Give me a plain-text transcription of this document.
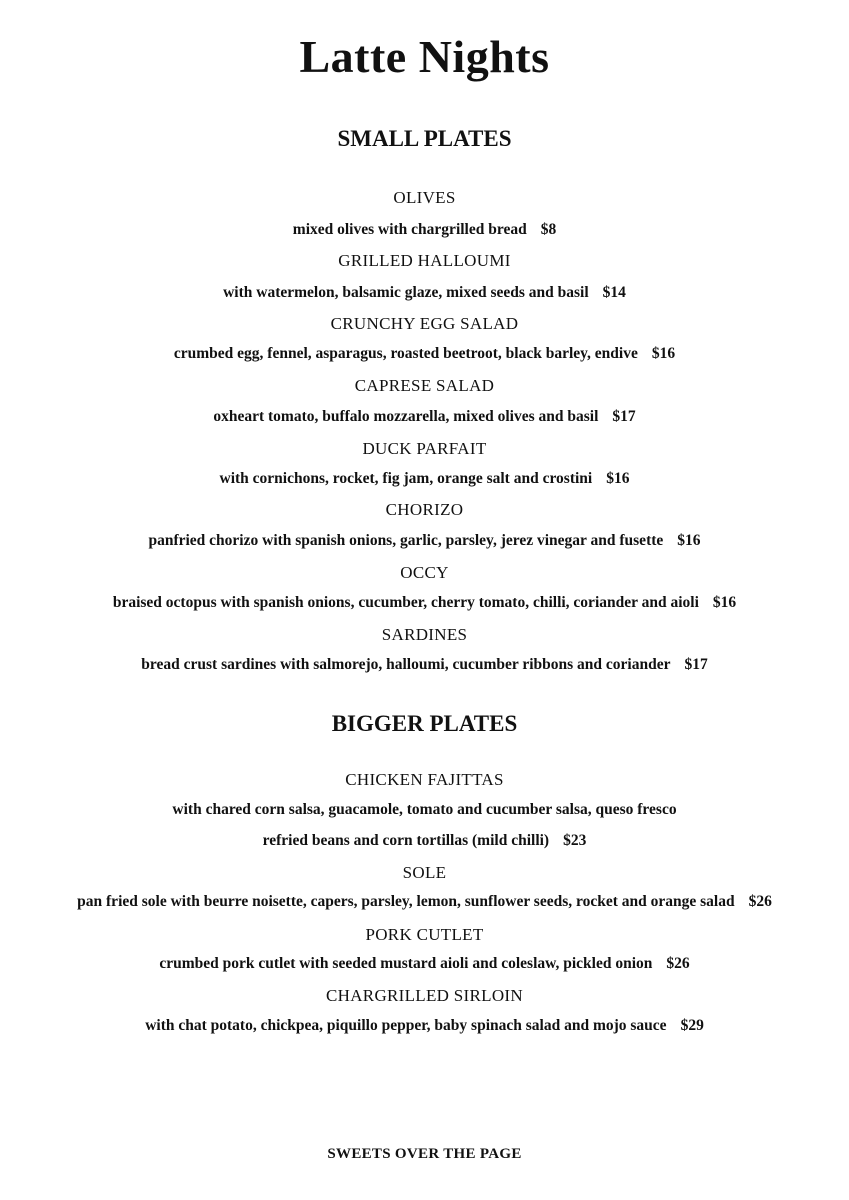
Latte Nights
SMALL PLATES
OLIVES
mixed olives with chargrilled bread $8
GRILLED HALLOUMI
with watermelon, balsamic glaze, mixed seeds and basil $14
CRUNCHY EGG SALAD
crumbed egg, fennel, asparagus, roasted beetroot, black barley, endive $16
CAPRESE SALAD
oxheart tomato, buffalo mozzarella, mixed olives and basil $17
DUCK PARFAIT
with cornichons, rocket, fig jam, orange salt and crostini $16
CHORIZO
panfried chorizo with spanish onions, garlic, parsley, jerez vinegar and fusette $16
OCCY
braised octopus with spanish onions, cucumber, cherry tomato, chilli, coriander and aioli $16
SARDINES
bread crust sardines with salmorejo, halloumi, cucumber ribbons and coriander $17
BIGGER PLATES
CHICKEN FAJITTAS
with chared corn salsa, guacamole, tomato and cucumber salsa, queso fresco
refried beans and corn tortillas (mild chilli) $23
SOLE
pan fried sole with beurre noisette, capers, parsley, lemon, sunflower seeds, rocket and orange salad $26
PORK CUTLET
crumbed pork cutlet with seeded mustard aioli and coleslaw, pickled onion $26
CHARGRILLED SIRLOIN
with chat potato, chickpea, piquillo pepper, baby spinach salad and mojo sauce $29
SWEETS OVER THE PAGE
